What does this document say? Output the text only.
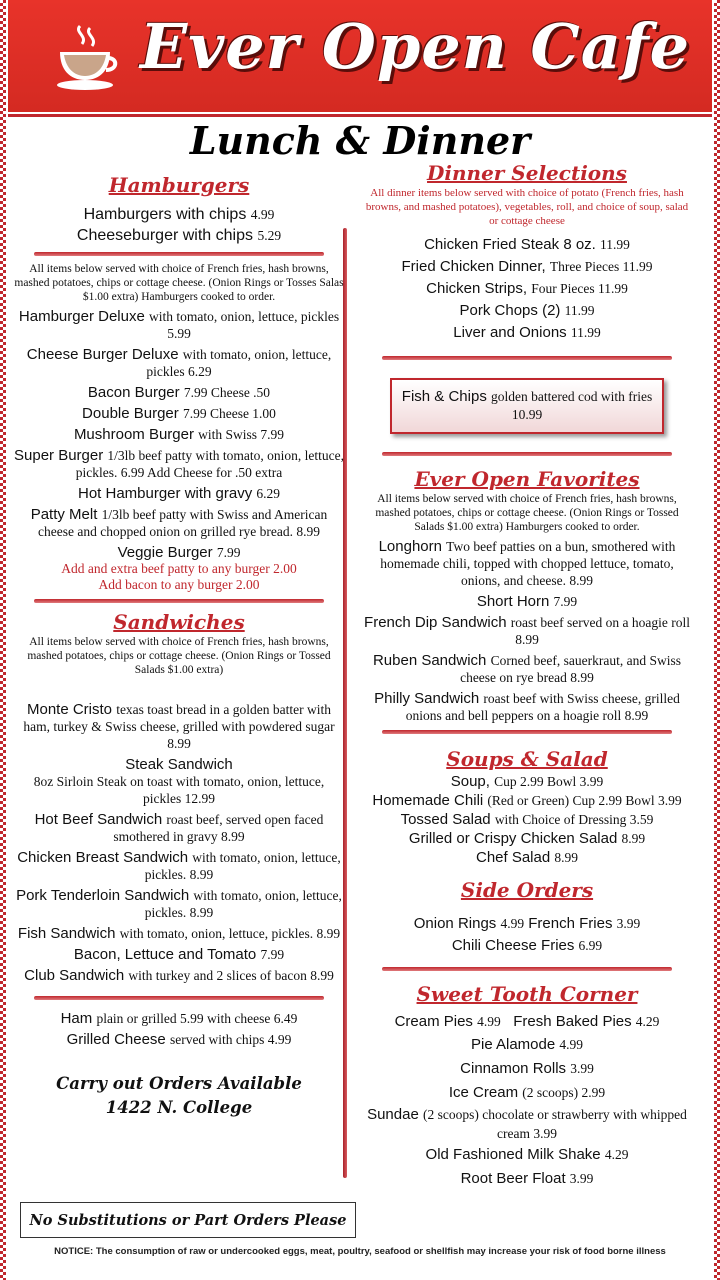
Ever Open Cafe
Lunch & Dinner
Hamburgers
Hamburgers with chips 4.99
Cheeseburger with chips 5.29
All items below served with choice of French fries, hash browns, mashed potatoes, chips or cottage cheese. (Onion Rings or Tosses Salas $1.00 extra) Hamburgers cooked to order.
Hamburger Deluxe with tomato, onion, lettuce, pickles 5.99
Cheese Burger Deluxe with tomato, onion, lettuce, pickles 6.29
Bacon Burger 7.99 Cheese .50
Double Burger 7.99 Cheese 1.00
Mushroom Burger with Swiss 7.99
Super Burger 1/3lb beef patty with tomato, onion, lettuce, pickles. 6.99 Add Cheese for .50 extra
Hot Hamburger with gravy 6.29
Patty Melt 1/3lb beef patty with Swiss and American cheese and chopped onion on grilled rye bread. 8.99
Veggie Burger 7.99
Add and extra beef patty to any burger 2.00
Add bacon to any burger 2.00
Sandwiches
All items below served with choice of French fries, hash browns, mashed potatoes, chips or cottage cheese. (Onion Rings or Tossed Salads $1.00 extra)
Monte Cristo texas toast bread in a golden batter with ham, turkey & Swiss cheese, grilled with powdered sugar 8.99
Steak Sandwich
8oz Sirloin Steak on toast with tomato, onion, lettuce, pickles 12.99
Hot Beef Sandwich roast beef, served open faced smothered in gravy 8.99
Chicken Breast Sandwich with tomato, onion, lettuce, pickles. 8.99
Pork Tenderloin Sandwich with tomato, onion, lettuce, pickles. 8.99
Fish Sandwich with tomato, onion, lettuce, pickles. 8.99
Bacon, Lettuce and Tomato 7.99
Club Sandwich with turkey and 2 slices of bacon 8.99
Ham plain or grilled 5.99 with cheese 6.49
Grilled Cheese served with chips 4.99
Carry out Orders Available
1422 N. College
Dinner Selections
All dinner items below served with choice of potato (French fries, hash browns, and mashed potatoes), vegetables, roll, and choice of soup, salad or cottage cheese
Chicken Fried Steak 8 oz. 11.99
Fried Chicken Dinner, Three Pieces 11.99
Chicken Strips, Four Pieces 11.99
Pork Chops (2) 11.99
Liver and Onions 11.99
Fish & Chips golden battered cod with fries 10.99
Ever Open Favorites
All items below served with choice of French fries, hash browns, mashed potatoes, chips or cottage cheese. (Onion Rings or Tossed Salads $1.00 extra) Hamburgers cooked to order.
Longhorn Two beef patties on a bun, smothered with homemade chili, topped with chopped lettuce, tomato, onions, and cheese. 8.99
Short Horn 7.99
French Dip Sandwich roast beef served on a hoagie roll 8.99
Ruben Sandwich Corned beef, sauerkraut, and Swiss cheese on rye bread 8.99
Philly Sandwich roast beef with Swiss cheese, grilled onions and bell peppers on a hoagie roll 8.99
Soups & Salad
Soup, Cup 2.99 Bowl 3.99
Homemade Chili (Red or Green) Cup 2.99 Bowl 3.99
Tossed Salad with Choice of Dressing 3.59
Grilled or Crispy Chicken Salad 8.99
Chef Salad 8.99
Side Orders
Onion Rings 4.99 French Fries 3.99
Chili Cheese Fries 6.99
Sweet Tooth Corner
Cream Pies 4.99 Fresh Baked Pies 4.29
Pie Alamode 4.99
Cinnamon Rolls 3.99
Ice Cream (2 scoops) 2.99
Sundae (2 scoops) chocolate or strawberry with whipped cream 3.99
Old Fashioned Milk Shake 4.29
Root Beer Float 3.99
No Substitutions or Part Orders Please
NOTICE: The consumption of raw or undercooked eggs, meat, poultry, seafood or shellfish may increase your risk of food borne illness
